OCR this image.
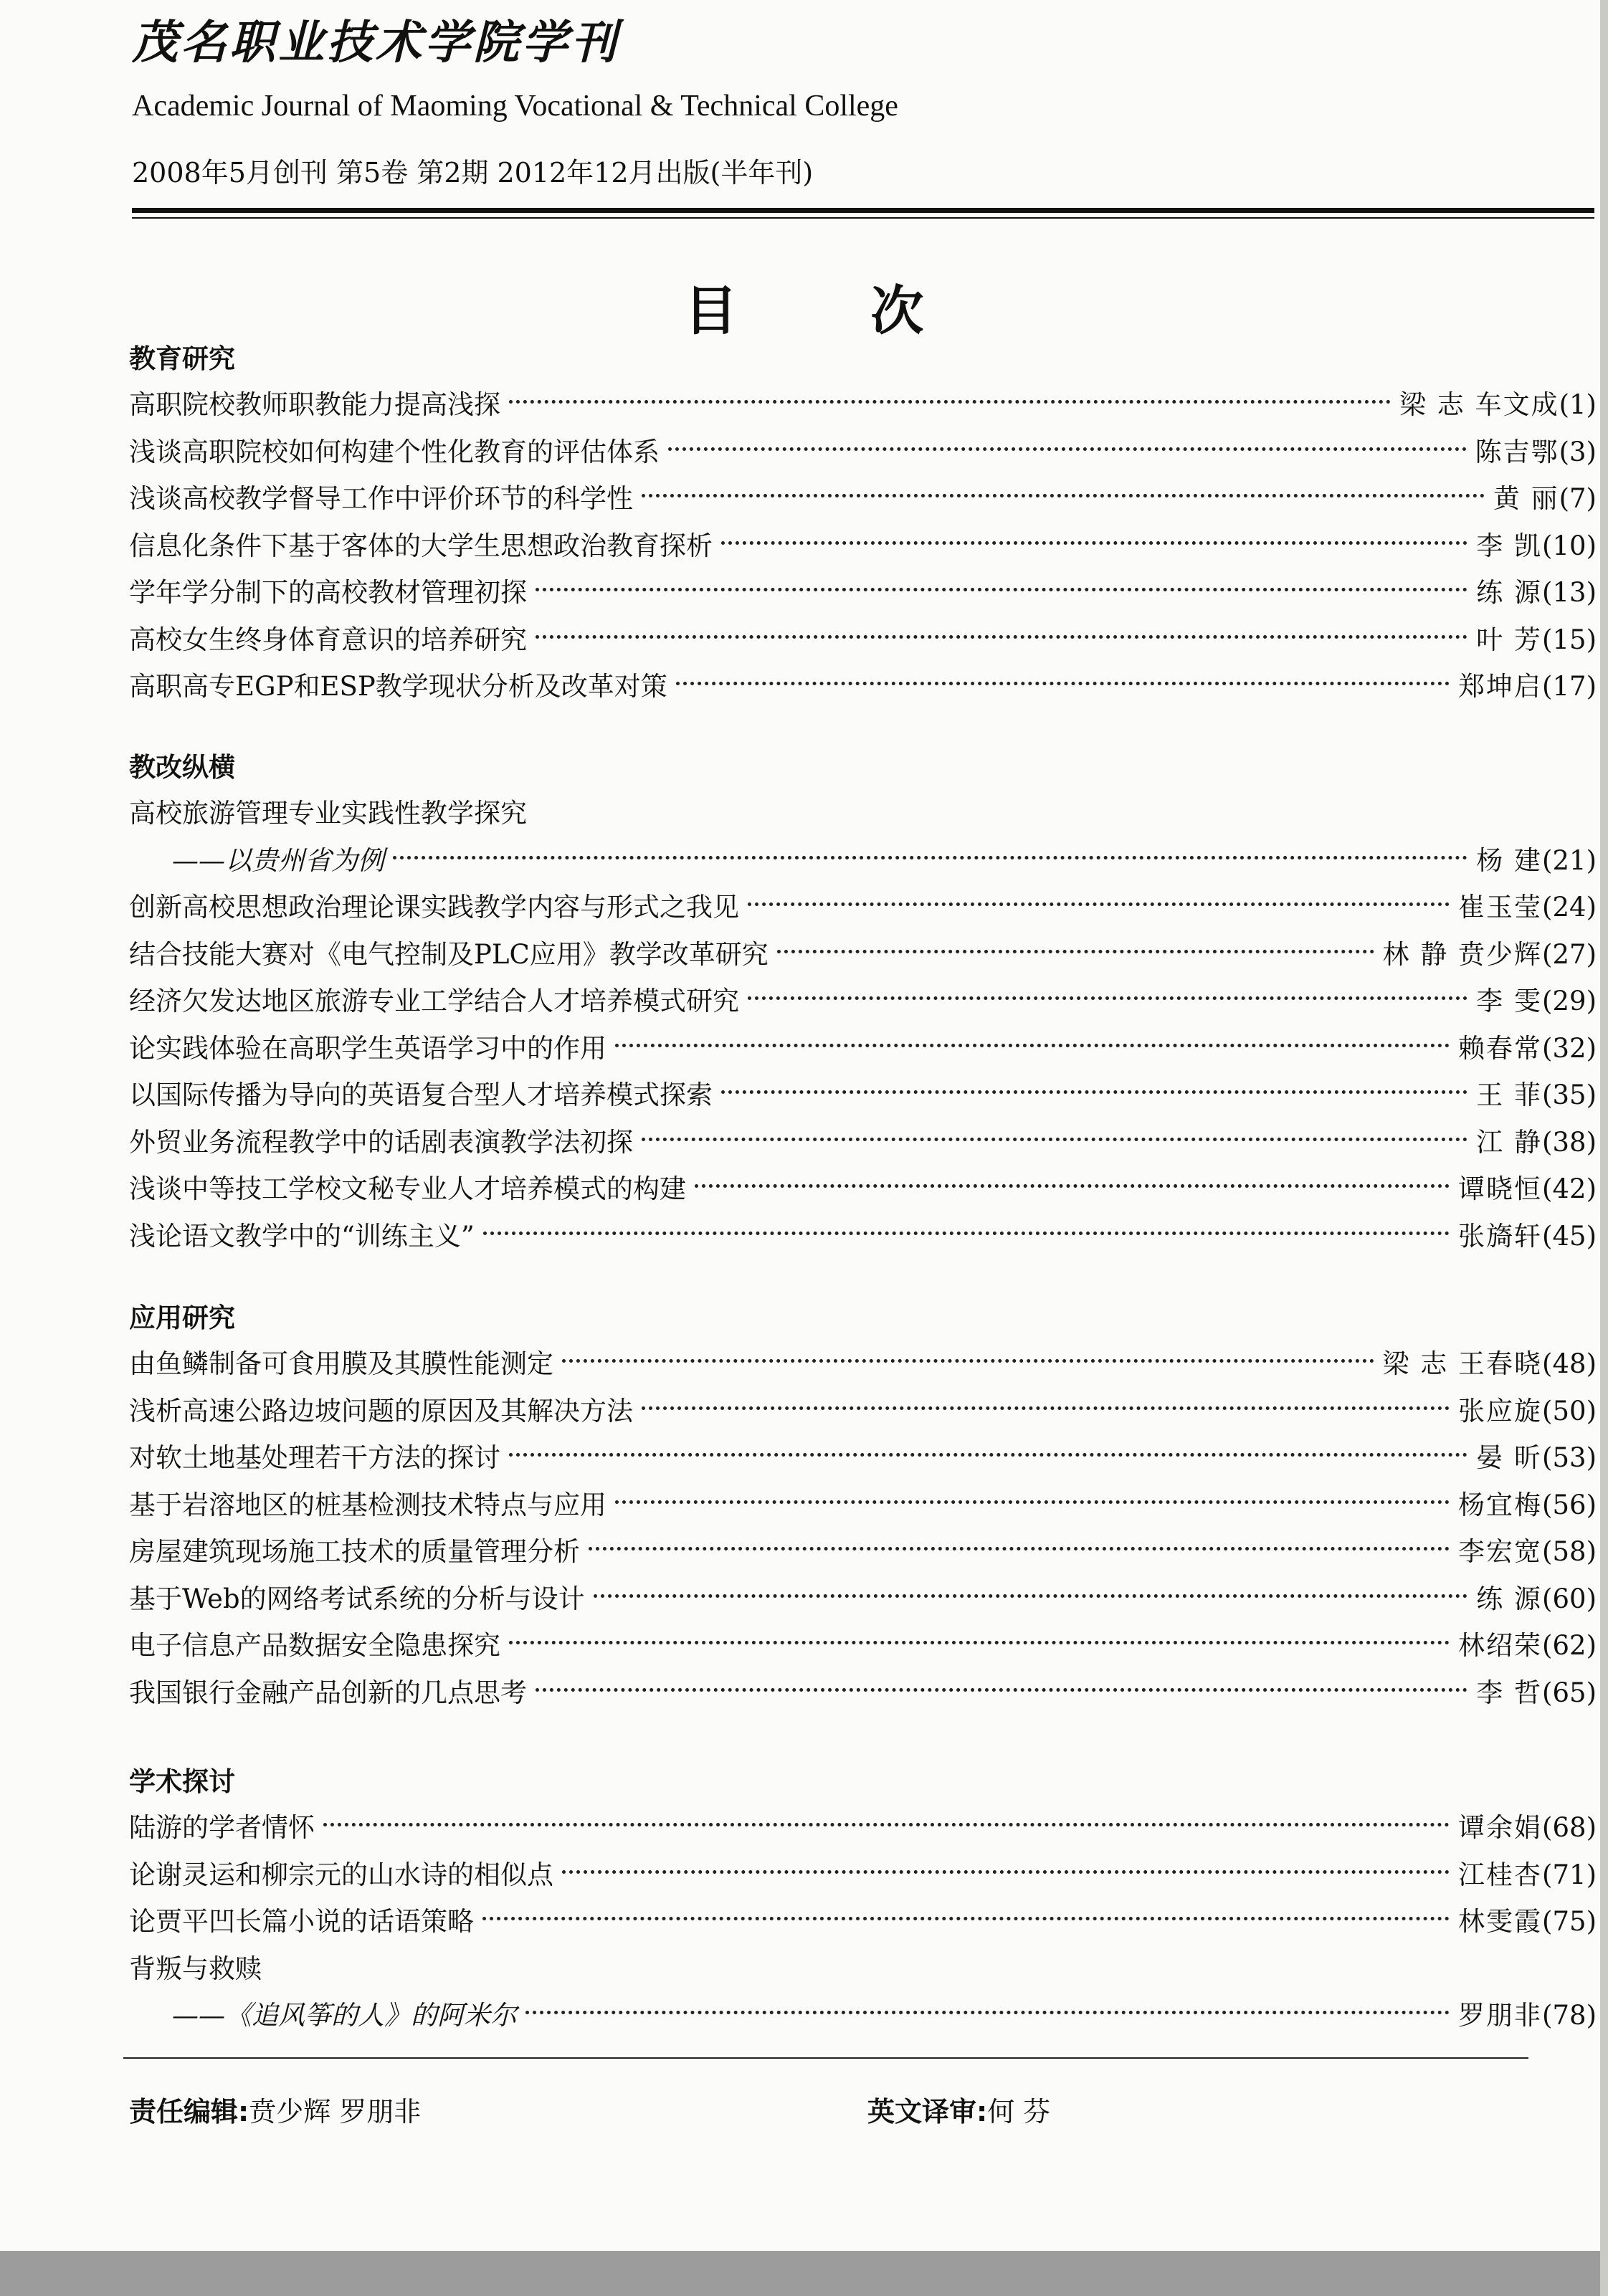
茂名职业技术学院学刊
Academic Journal of Maoming Vocational & Technical College
2008年5月创刊 第5卷 第2期 2012年12月出版(半年刊)
目 次
教育研究
高职院校教师职教能力提高浅探	梁 志 车文成 (1)
浅谈高职院校如何构建个性化教育的评估体系	陈吉鄂 (3)
浅谈高校教学督导工作中评价环节的科学性	黄 丽 (7)
信息化条件下基于客体的大学生思想政治教育探析	李 凯 (10)
学年学分制下的高校教材管理初探	练 源 (13)
高校女生终身体育意识的培养研究	叶 芳 (15)
高职高专EGP和ESP教学现状分析及改革对策	郑坤启 (17)
教改纵横
高校旅游管理专业实践性教学探究
——以贵州省为例	杨 建 (21)
创新高校思想政治理论课实践教学内容与形式之我见	崔玉莹 (24)
结合技能大赛对《电气控制及PLC应用》教学改革研究	林 静 贲少辉 (27)
经济欠发达地区旅游专业工学结合人才培养模式研究	李 雯 (29)
论实践体验在高职学生英语学习中的作用	赖春常 (32)
以国际传播为导向的英语复合型人才培养模式探索	王 菲 (35)
外贸业务流程教学中的话剧表演教学法初探	江 静 (38)
浅谈中等技工学校文秘专业人才培养模式的构建	谭晓恒 (42)
浅论语文教学中的“训练主义”	张旖轩 (45)
应用研究
由鱼鳞制备可食用膜及其膜性能测定	梁 志 王春晓 (48)
浅析高速公路边坡问题的原因及其解决方法	张应旋 (50)
对软土地基处理若干方法的探讨	晏 昕 (53)
基于岩溶地区的桩基检测技术特点与应用	杨宜梅 (56)
房屋建筑现场施工技术的质量管理分析	李宏宽 (58)
基于Web的网络考试系统的分析与设计	练 源 (60)
电子信息产品数据安全隐患探究	林绍荣 (62)
我国银行金融产品创新的几点思考	李 哲 (65)
学术探讨
陆游的学者情怀	谭余娟 (68)
论谢灵运和柳宗元的山水诗的相似点	江桂杏 (71)
论贾平凹长篇小说的话语策略	林雯霞 (75)
背叛与救赎
——《追风筝的人》的阿米尔	罗朋非 (78)
责任编辑:贲少辉 罗朋非	英文译审:何 芬
